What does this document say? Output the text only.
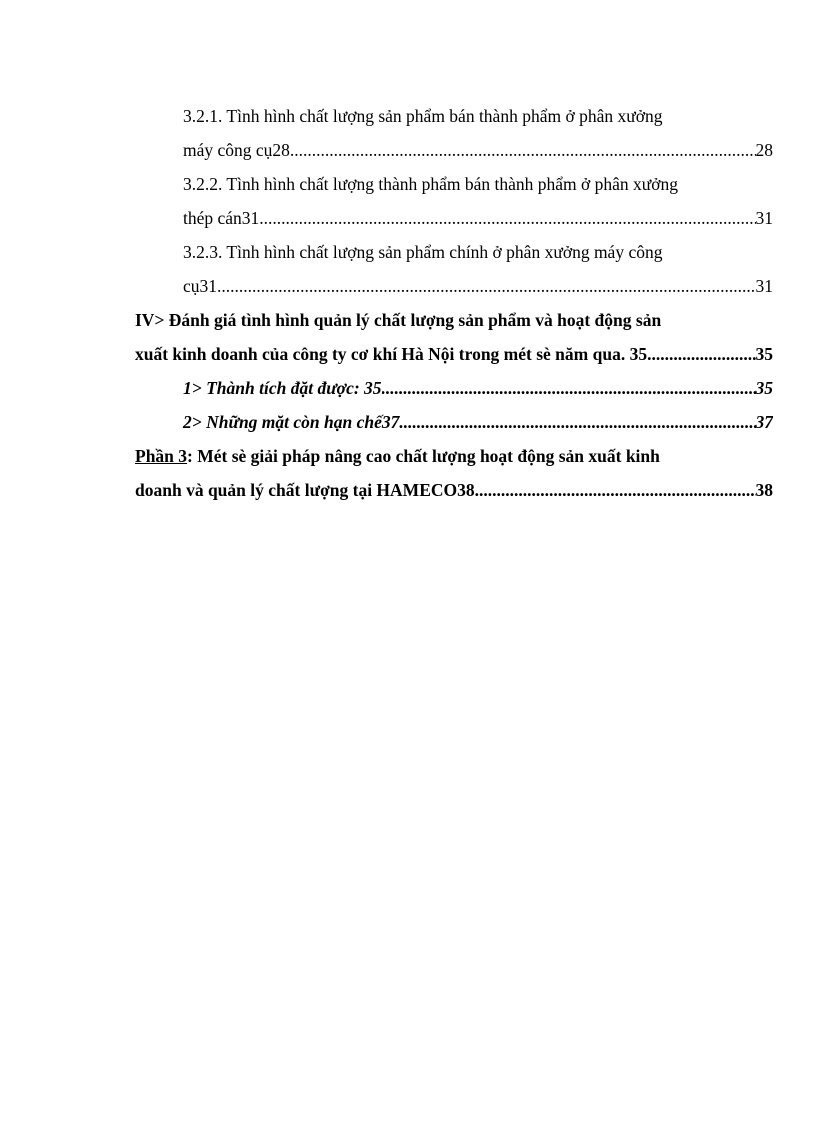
3.2.1. Tình hình chất lượng sản phẩm bán thành phẩm ở phân xưởng
máy công cụ28 .....	28
3.2.2. Tình hình chất lượng thành phẩm bán thành phẩm ở phân xưởng
thép cán31 .....	31
3.2.3. Tình hình chất lượng sản phẩm chính ở phân xưởng máy công
cụ31 .....	31
IV> Đánh giá tình hình quản lý chất lượng sản phẩm và hoạt động sản
xuất kinh doanh của công ty cơ khí Hà Nội trong mét sè năm qua. 35 .....	35
1> Thành tích đặt được: 35 .....	35
2> Những mặt còn hạn chế37 .....	37
Phần 3: Mét sè giải pháp nâng cao chất lượng hoạt động sản xuất kinh
doanh và quản lý chất lượng tại HAMECO38 .....	38
